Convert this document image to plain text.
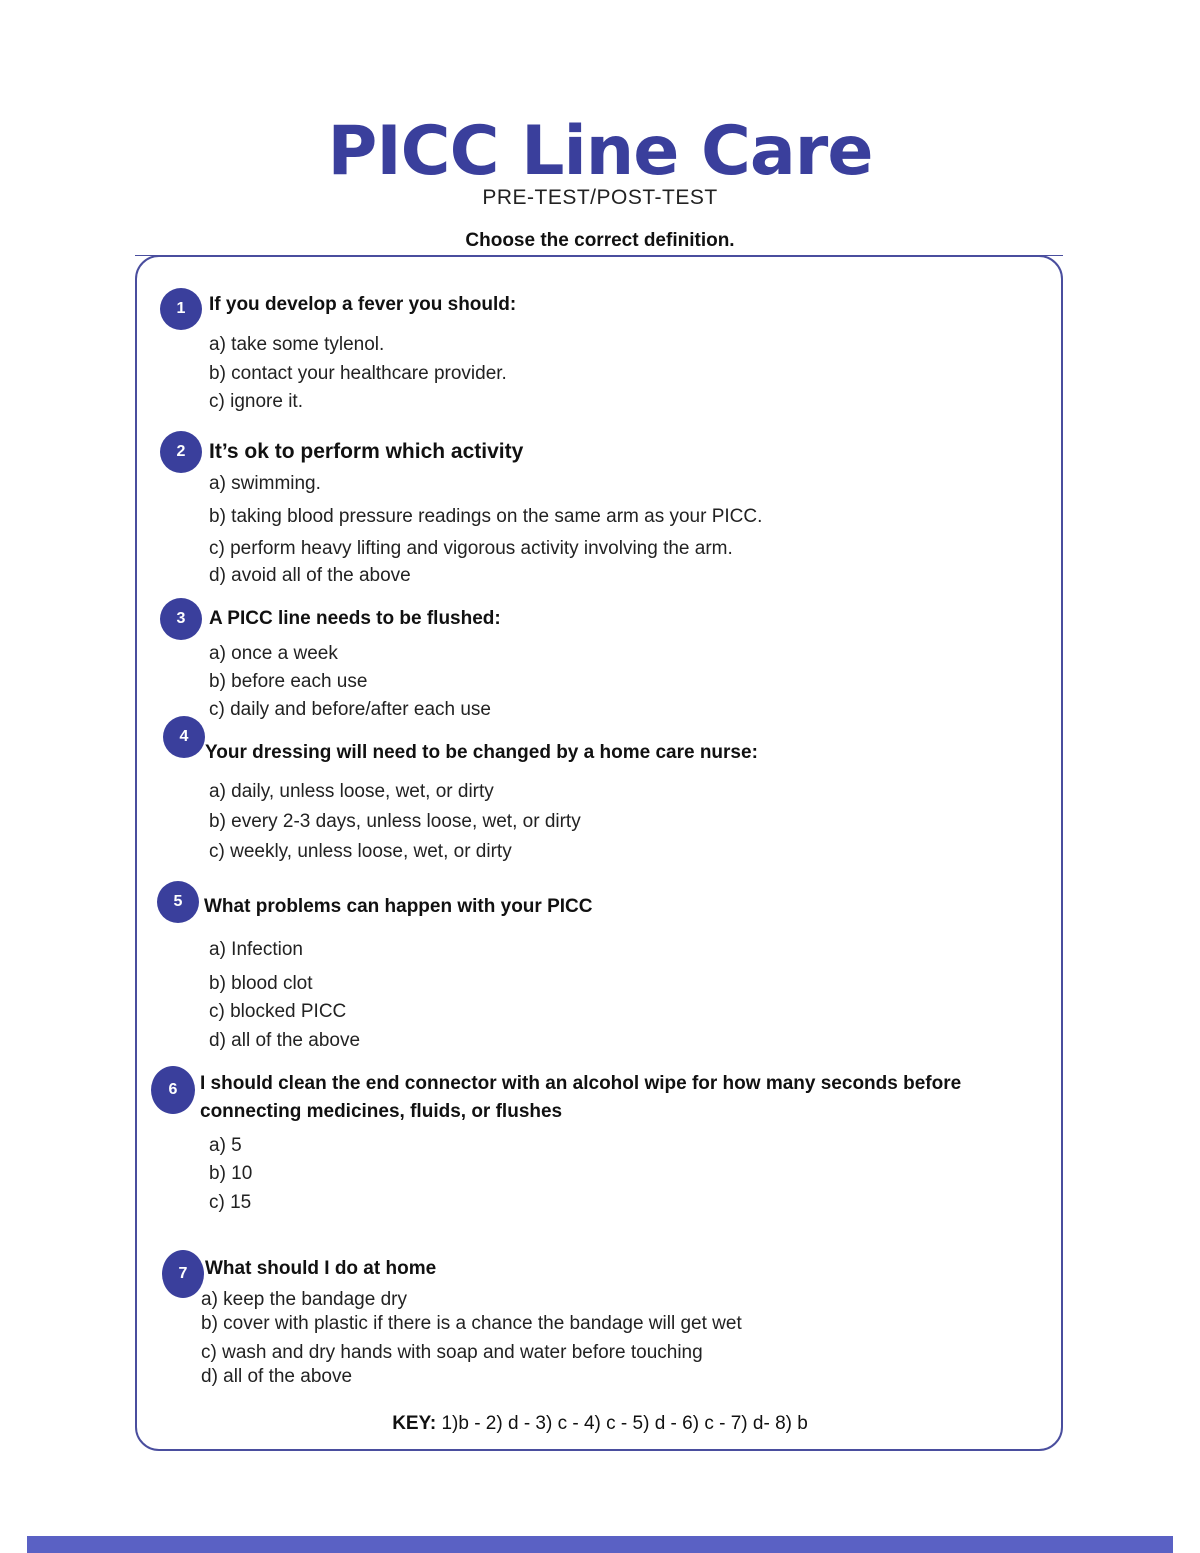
PICC Line Care
PRE-TEST/POST-TEST
Choose the correct definition.
1	If you develop a fever you should:
a) take some tylenol.
b) contact your healthcare provider.
c) ignore it.
2	It’s ok to perform which activity
a) swimming.
b) taking blood pressure readings on the same arm as your PICC.
c) perform heavy lifting and vigorous activity involving the arm.
d) avoid all of the above
3	A PICC line needs to be flushed:
a) once a week
b) before each use
c) daily and before/after each use
4
Your dressing will need to be changed by a home care nurse:
a) daily, unless loose, wet, or dirty
b) every 2-3 days, unless loose, wet, or dirty
c) weekly, unless loose, wet, or dirty
5	What problems can happen with your PICC
a) Infection
b) blood clot
c) blocked PICC
d) all of the above
6	I should clean the end connector with an alcohol wipe for how many seconds before
connecting medicines, fluids, or flushes
a) 5
b) 10
c) 15
7 What should I do at home
a) keep the bandage dry
b) cover with plastic if there is a chance the bandage will get wet
c) wash and dry hands with soap and water before touching
d) all of the above
KEY: 1)b - 2) d - 3) c - 4) c - 5) d - 6) c - 7) d- 8) b
